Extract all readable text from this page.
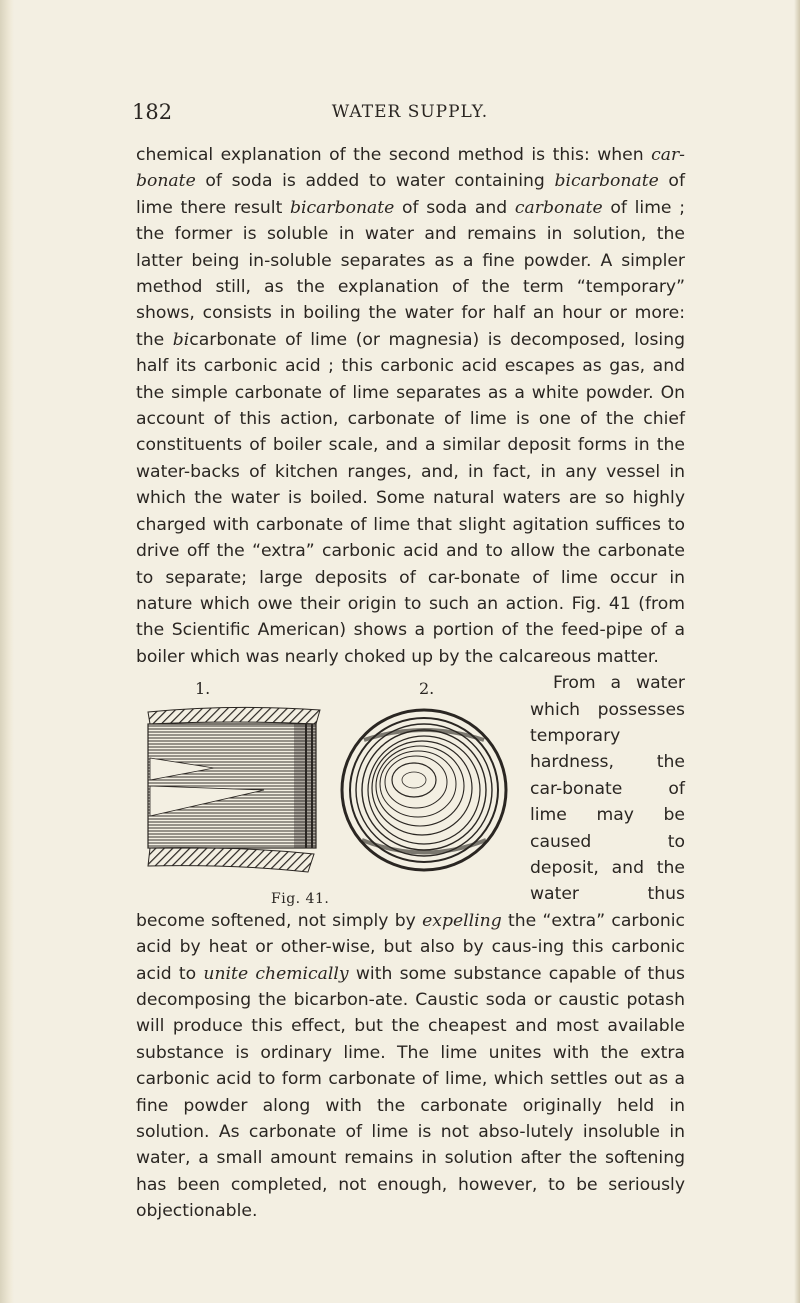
182	WATER SUPPLY.

chemical explanation of the second method is this: when car-bonate of soda is added to water containing bicarbonate of lime there result bicarbonate of soda and carbonate of lime ; the former is soluble in water and remains in solution, the latter being in-soluble separates as a fine powder. A simpler method still, as the explanation of the term “temporary” shows, consists in boiling the water for half an hour or more: the bicarbonate of lime (or magnesia) is decomposed, losing half its carbonic acid ; this carbonic acid escapes as gas, and the simple carbonate of lime separates as a white powder. On account of this action, carbonate of lime is one of the chief constituents of boiler scale, and a similar deposit forms in the water-backs of kitchen ranges, and, in fact, in any vessel in which the water is boiled. Some natural waters are so highly charged with carbonate of lime that slight agitation suffices to drive off the “extra” carbonic acid and to allow the carbonate to separate; large deposits of car-bonate of lime occur in nature which owe their origin to such an action. Fig. 41 (from the Scientific American) shows a portion of the feed-pipe of a boiler which was nearly choked up by the calcareous matter.

1.	2.
Fig. 41.
From a water which possesses temporary hardness, the car-bonate of lime may be caused to deposit, and the water thus become softened, not simply by expelling the “extra” carbonic acid by heat or other-wise, but also by caus-ing this carbonic acid to unite chemically with some substance capable of thus decomposing the bicarbon-ate. Caustic soda or caustic potash will produce this effect, but the cheapest and most available substance is ordinary lime. The lime unites with the extra carbonic acid to form carbonate of lime, which settles out as a fine powder along with the carbonate originally held in solution. As carbonate of lime is not abso-lutely insoluble in water, a small amount remains in solution after the softening has been completed, not enough, however, to be seriously objectionable.
